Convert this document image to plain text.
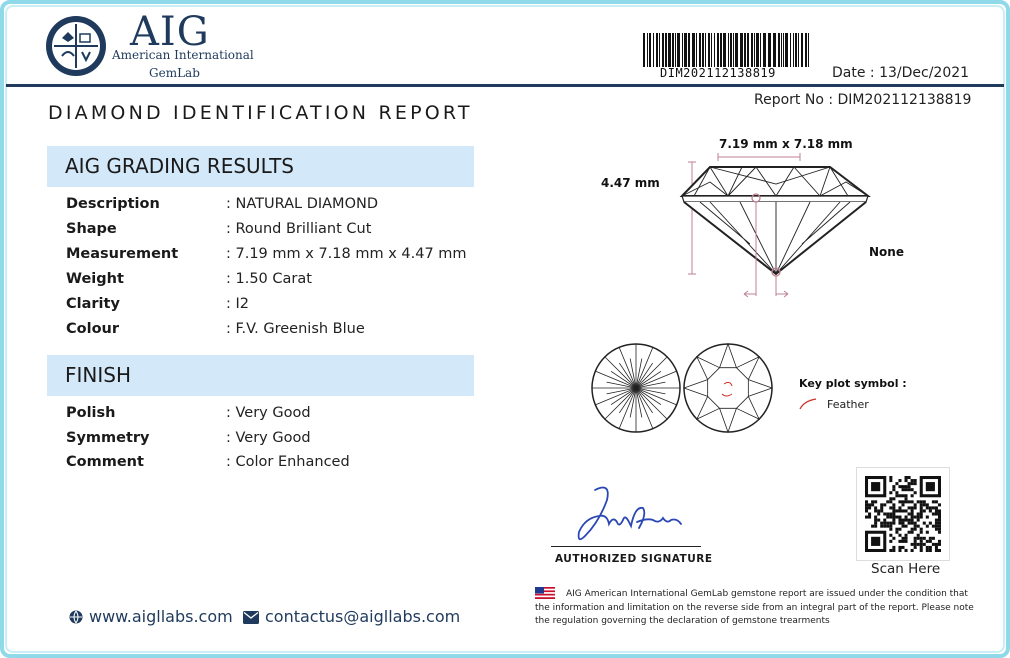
AIG
American International
GemLab	DIM202112138819	Date : 13/Dec/2021
Report No : DIM202112138819
DIAMOND IDENTIFICATION REPORT
AIG GRADING RESULTS
Description	: NATURAL DIAMOND
Shape	: Round Brilliant Cut
Measurement	: 7.19 mm x 7.18 mm x 4.47 mm
Weight	: 1.50 Carat
Clarity	: I2
Colour	: F.V. Greenish Blue
FINISH
Polish	: Very Good
Symmetry	: Very Good
Comment	: Color Enhanced
www.aigllabs.com	contactus@aigllabs.com
7.19 mm x 7.18 mm
4.47 mm
None
Key plot symbol :
Feather
AUTHORIZED SIGNATURE
Scan Here
AIG American International GemLab gemstone report are issued under the condition that the information and limitation on the reverse side from an integral part of the report. Please note the regulation governing the declaration of gemstone trearments
